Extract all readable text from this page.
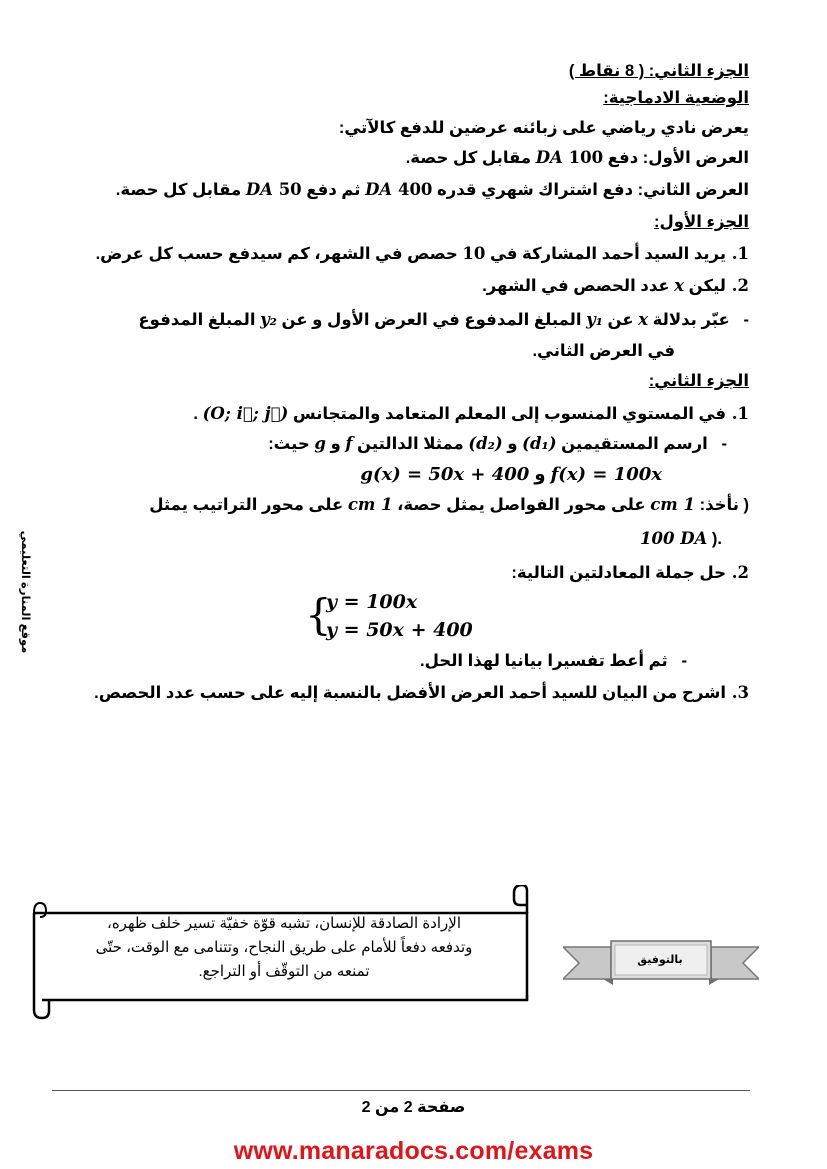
الجزء الثاني: ( 8 نقاط )
الوضعية الادماجية:
يعرض نادي رياضي على زبائنه عرضين للدفع كالآتي:
العرض الأول: دفع 100 DA مقابل كل حصة.
العرض الثاني: دفع اشتراك شهري قدره 400 DA ثم دفع 50 DA مقابل كل حصة.
الجزء الأول:
1. يريد السيد أحمد المشاركة في 10 حصص في الشهر، كم سيدفع حسب كل عرض.
2. ليكن x عدد الحصص في الشهر.
-   عبّر بدلالة x عن y₁ المبلغ المدفوع في العرض الأول و عن y₂ المبلغ المدفوع
في العرض الثاني.
الجزء الثاني:
1. في المستوي المنسوب إلى المعلم المتعامد والمتجانس (O; i⃗; j⃗) .
-   ارسم المستقيمين (d₁) و (d₂) ممثلا الدالتين f و g حيث:
g(x) = 50x + 400 و f(x) = 100x
( نأخذ: 1 cm على محور الفواصل يمثل حصة، 1 cm على محور التراتيب يمثل
100 DA ).
2. حل جملة المعادلتين التالية:
{
y = 100x
y = 50x + 400
-   ثم أعط تفسيرا بيانيا لهذا الحل.
3. اشرح من البيان للسيد أحمد العرض الأفضل بالنسبة إليه على حسب عدد الحصص.
موقع المنارة التعليمي
الإرادة الصادقة للإنسان، تشبه قوّة خفيّة تسير خلف ظهره،
وتدفعه دفعاً للأمام على طريق النجاح، وتتنامى مع الوقت، حتّى
تمنعه من التوقّف أو التراجع.
بالتوفيق
صفحة 2 من 2
www.manaradocs.com/exams
